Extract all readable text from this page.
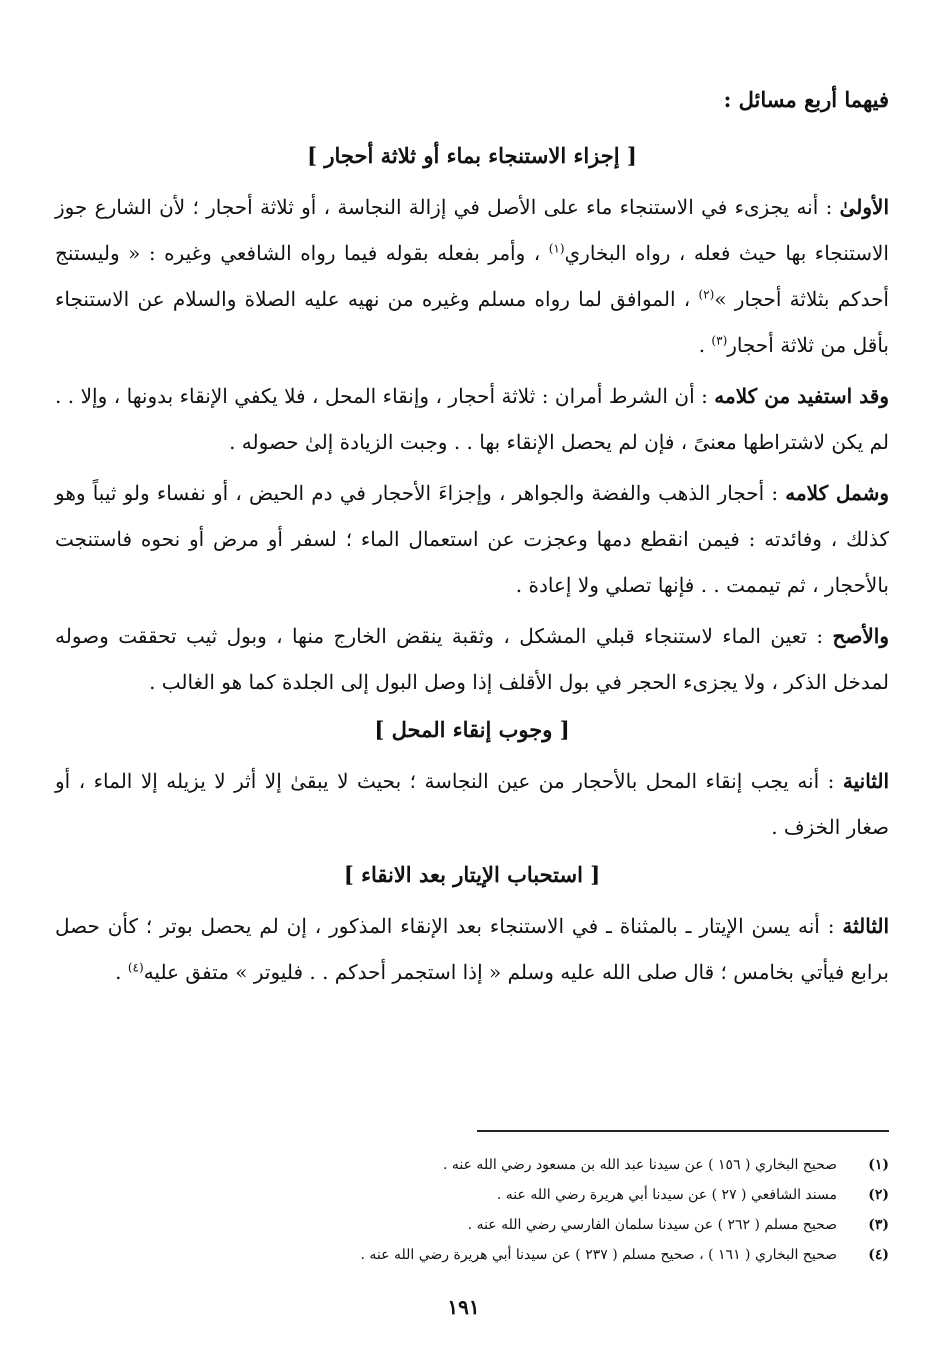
فيهما أربع مسائل :
[ إجزاء الاستنجاء بماء أو ثلاثة أحجار ]

الأولىٰ : أنه يجزىء في الاستنجاء ماء على الأصل في إزالة النجاسة ، أو ثلاثة أحجار ؛ لأن الشارع جوز الاستنجاء بها حيث فعله ، رواه البخاري$^{(١)}$ ، وأمر بفعله بقوله فيما رواه الشافعي وغيره : « وليستنج أحدكم بثلاثة أحجار »$^{(٢)}$ ، الموافق لما رواه مسلم وغيره من نهيه عليه الصلاة والسلام عن الاستنجاء بأقل من ثلاثة أحجار$^{(٣)}$ .

وقد استفيد من كلامه : أن الشرط أمران : ثلاثة أحجار ، وإنقاء المحل ، فلا يكفي الإنقاء بدونها ، وإلا . . لم يكن لاشتراطها معنىً ، فإن لم يحصل الإنقاء بها . . وجبت الزيادة إلىٰ حصوله .

وشمل كلامه : أحجار الذهب والفضة والجواهر ، وإجزاءَ الأحجار في دم الحيض ، أو نفساء ولو ثيباً وهو كذلك ، وفائدته : فيمن انقطع دمها وعجزت عن استعمال الماء ؛ لسفر أو مرض أو نحوه فاستنجت بالأحجار ، ثم تيممت . . فإنها تصلي ولا إعادة .

والأصح : تعين الماء لاستنجاء قبلي المشكل ، وثقبة ينقض الخارج منها ، وبول ثيب تحققت وصوله لمدخل الذكر ، ولا يجزىء الحجر في بول الأقلف إذا وصل البول إلى الجلدة كما هو الغالب .

[ وجوب إنقاء المحل ]

الثانية : أنه يجب إنقاء المحل بالأحجار من عين النجاسة ؛ بحيث لا يبقىٰ إلا أثر لا يزيله إلا الماء ، أو صغار الخزف .

[ استحباب الإيتار بعد الانقاء ]

الثالثة : أنه يسن الإيتار ـ بالمثناة ـ في الاستنجاء بعد الإنقاء المذكور ، إن لم يحصل بوتر ؛ كأن حصل برابع فيأتي بخامس ؛ قال صلى الله عليه وسلم « إذا استجمر أحدكم . . فليوتر » متفق عليه$^{(٤)}$ .

(١)
صحيح البخاري ( ١٥٦ ) عن سيدنا عبد الله بن مسعود رضي الله عنه .
(٢)
مسند الشافعي ( ٢٧ ) عن سيدنا أبي هريرة رضي الله عنه .
(٣)
صحيح مسلم ( ٢٦٢ ) عن سيدنا سلمان الفارسي رضي الله عنه .
(٤)
صحيح البخاري ( ١٦١ ) ، صحيح مسلم ( ٢٣٧ ) عن سيدنا أبي هريرة رضي الله عنه .
١٩١
